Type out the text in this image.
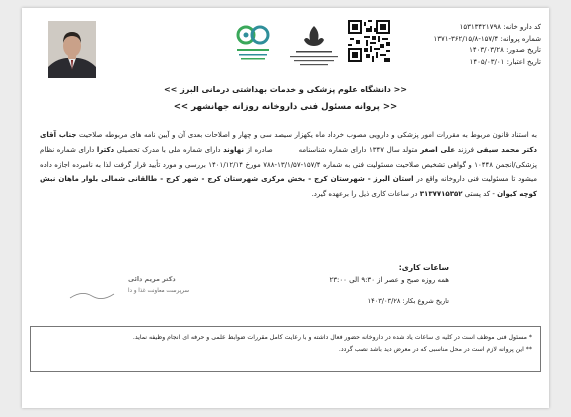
کد دارو خانه: ۱۵۳۱۳۴۲۱۷۹۸
شماره پروانه: ۱۵۷/۴-۳۶۲/۱۵/۸-۱۳۷۱
تاریخ صدور: ۱۴۰۳/۰۳/۲۸
تاریخ اعتبار: ۱۴۰۵/۰۳/۰۱
<< دانشگاه علوم پزشکی و خدمات بهداشتی درمانی البرز >>
<< پروانه مسئول فنی داروخانه روزانه جهانشهر >>
به استناد قانون مربوط به مقررات امور پزشکی و دارویی مصوب خرداد ماه یکهزار سیصد سی و چهار و اصلاحات بعدی آن و آیین نامه های مربوطه صلاحیت جناب آقای دکتر محمد سیفی فرزند علی اصغر متولد سال ۱۳۴۷ دارای شماره شناسنامه          صادره از نهاوند دارای شماره ملی با مدرک تحصیلی دکترا دارای شماره نظام پزشکی/انجمن ۱۰۴۴۸ و گواهی تشخیص صلاحیت مسئولیت فنی به شماره ۱۵۷/۴-۱۳/۱/۵۷-۷۸۸ مورخ ۱۴۰۱/۱۲/۱۴ بررسی و مورد تأیید قرار گرفت لذا به نامبرده اجازه داده میشود تا مسئولیت فنی داروخانه واقع در استان البرز - شهرستان کرج - بخش مرکزی شهرستان کرج - شهر کرج - طالقانی شمالی بلوار ماهان نبش کوچه کیوان - کد پستی ۳۱۳۷۷۱۵۳۵۲ در ساعات کاری ذیل را برعهده گیرد.
ساعات کاری:
همه روزه صبح و عصر از ۹:۳۰ الی ۲۳:۰۰
تاریخ شروع بکار: ۱۴۰۳/۰۳/۲۸
دکتر مریم دائی
سرپرست معاونت غذا و دا
* مسئول فنی موظف است در کلیه ی ساعات یاد شده در داروخانه حضور فعال داشته و با رعایت کامل مقررات ضوابط علمی و حرفه ای انجام وظیفه نماید.
** این پروانه لازم است در محل مناسبی که در معرض دید باشد نصب گردد.
